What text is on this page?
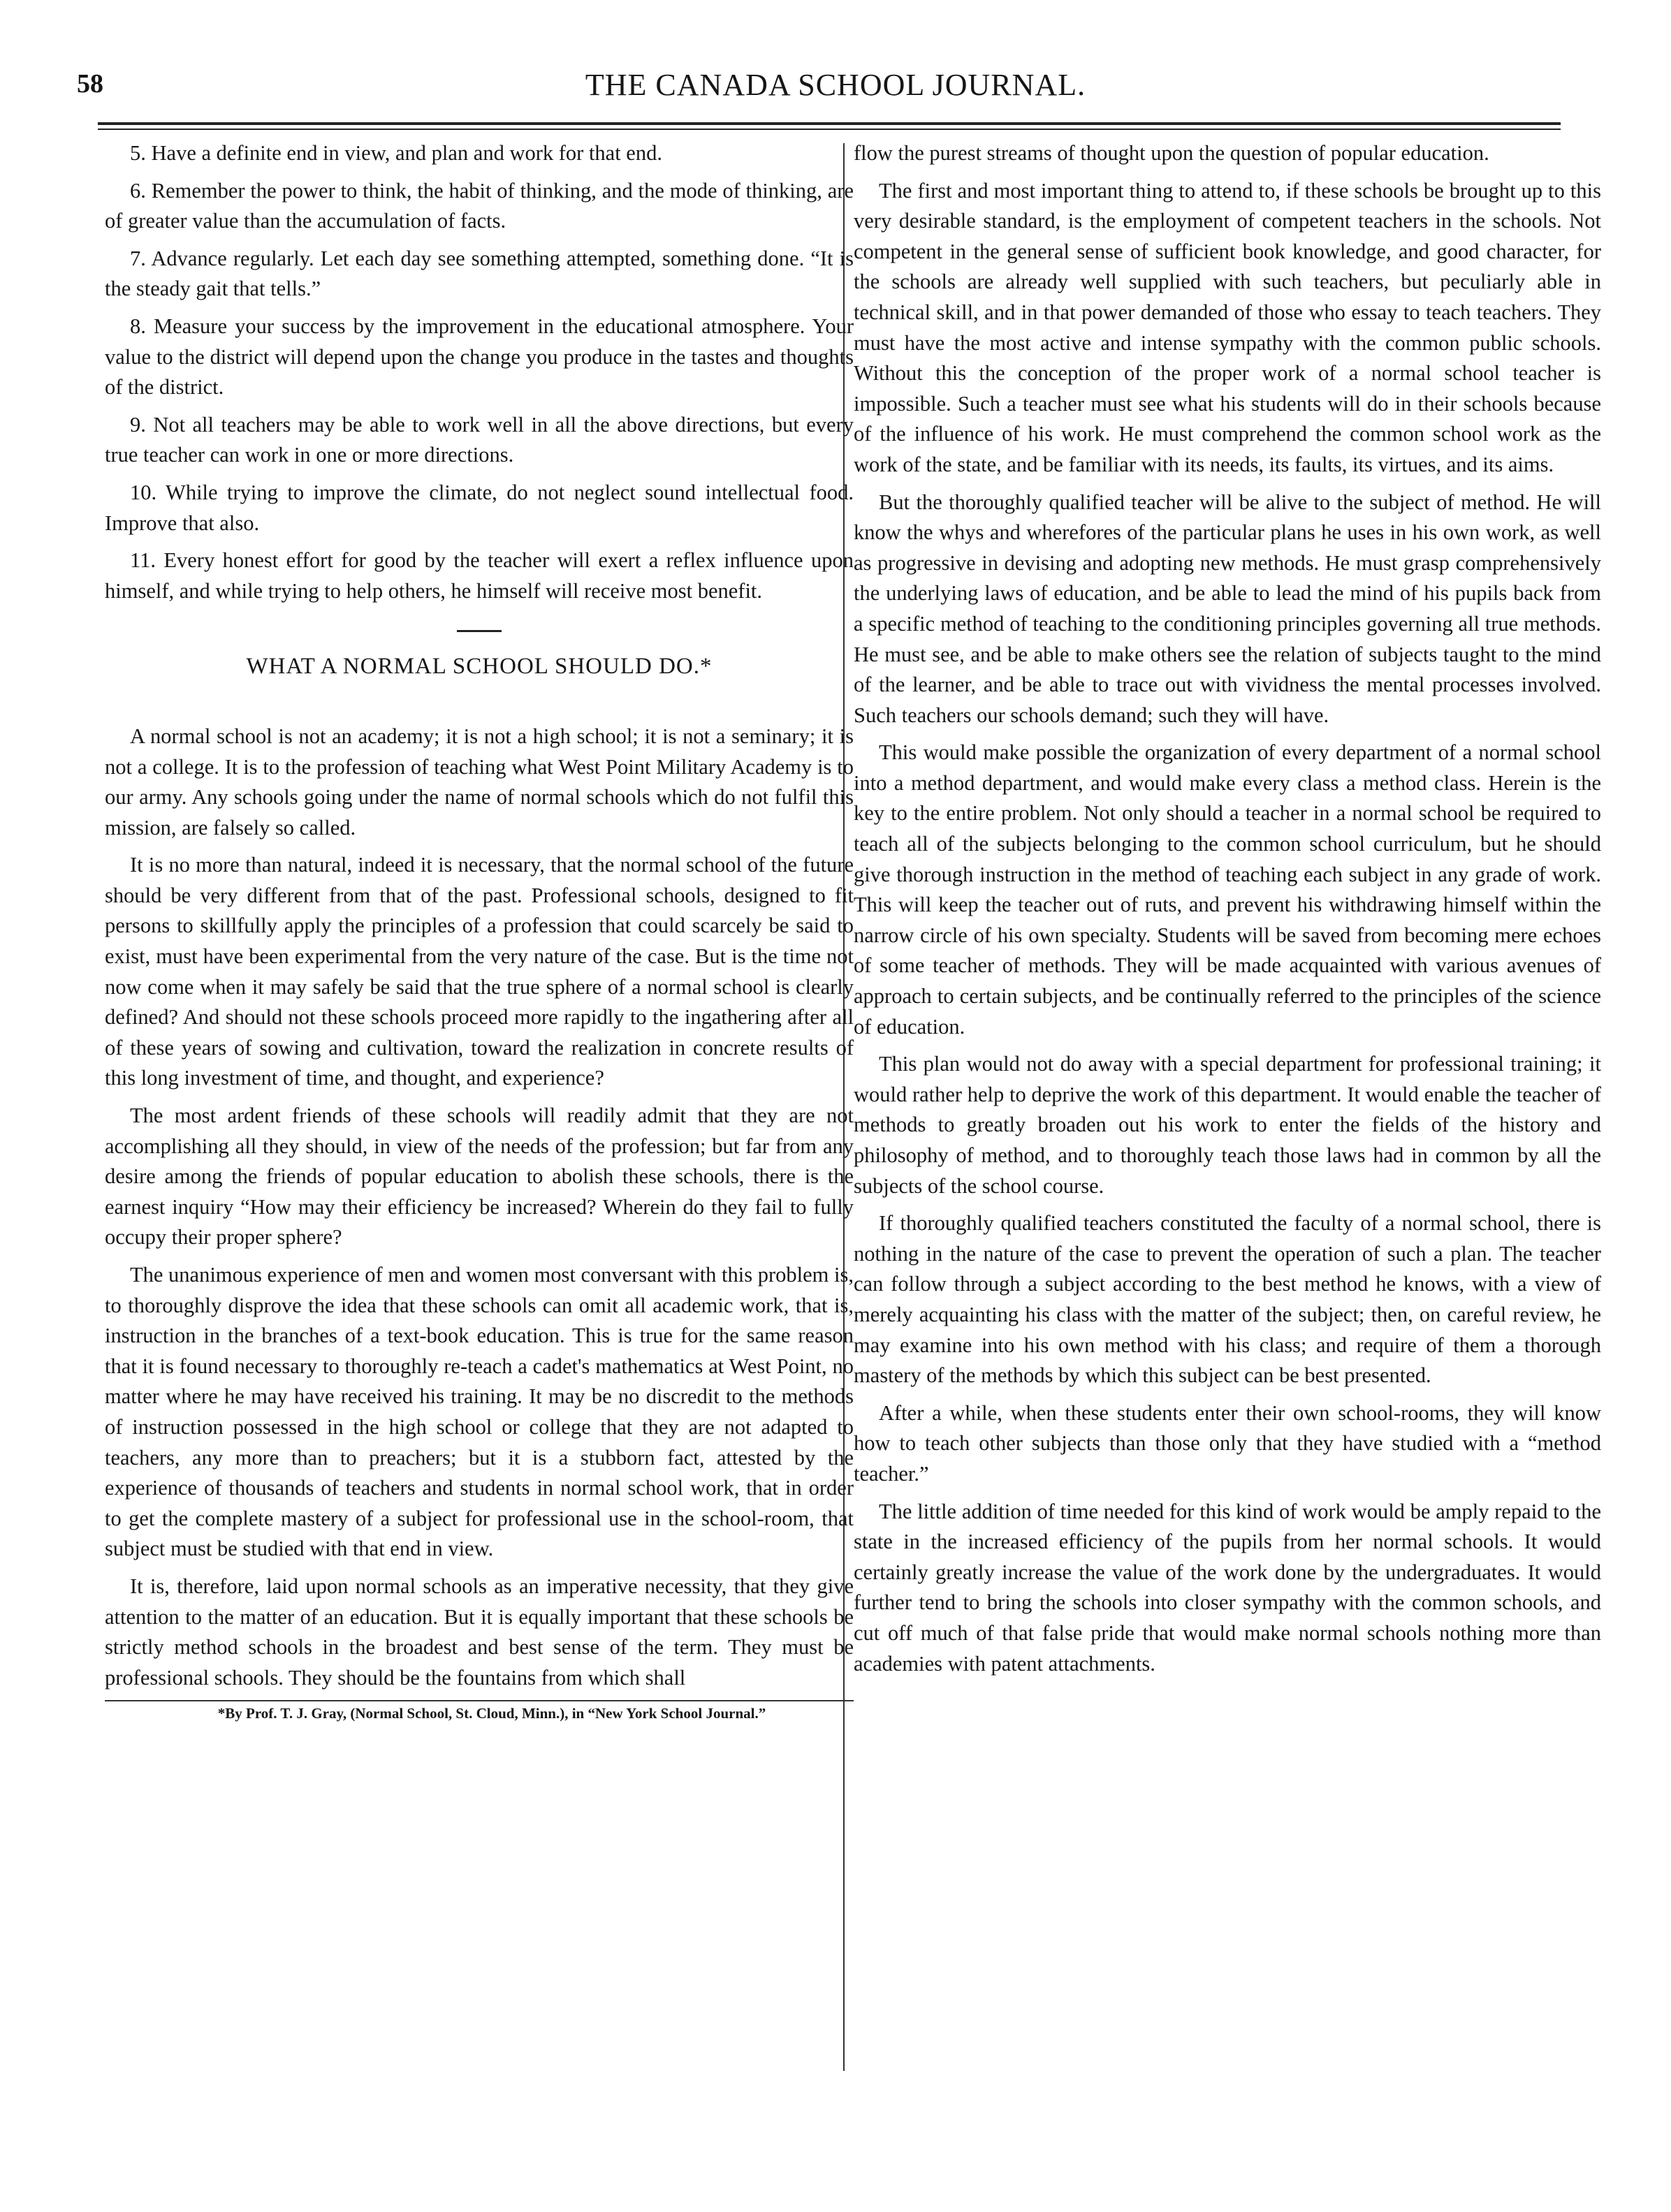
58	THE CANADA SCHOOL JOURNAL.

5. Have a definite end in view, and plan and work for that end.

6. Remember the power to think, the habit of thinking, and the mode of thinking, are of greater value than the accumulation of facts.

7. Advance regularly. Let each day see something attempted, something done. “It is the steady gait that tells.”

8. Measure your success by the improvement in the educational atmosphere. Your value to the district will depend upon the change you produce in the tastes and thoughts of the district.

9. Not all teachers may be able to work well in all the above directions, but every true teacher can work in one or more directions.

10. While trying to improve the climate, do not neglect sound intellectual food. Improve that also.

11. Every honest effort for good by the teacher will exert a reflex influence upon himself, and while trying to help others, he himself will receive most benefit.

WHAT A NORMAL SCHOOL SHOULD DO.*

A normal school is not an academy; it is not a high school; it is not a seminary; it is not a college. It is to the profession of teaching what West Point Military Academy is to our army. Any schools going under the name of normal schools which do not fulfil this mission, are falsely so called.

It is no more than natural, indeed it is necessary, that the normal school of the future should be very different from that of the past. Professional schools, designed to fit persons to skillfully apply the principles of a profession that could scarcely be said to exist, must have been experimental from the very nature of the case. But is the time not now come when it may safely be said that the true sphere of a normal school is clearly defined? And should not these schools proceed more rapidly to the ingathering after all of these years of sowing and cultivation, toward the realization in concrete results of this long investment of time, and thought, and experience?

The most ardent friends of these schools will readily admit that they are not accomplishing all they should, in view of the needs of the profession; but far from any desire among the friends of popular education to abolish these schools, there is the earnest inquiry “How may their efficiency be increased? Wherein do they fail to fully occupy their proper sphere?

The unanimous experience of men and women most conversant with this problem is, to thoroughly disprove the idea that these schools can omit all academic work, that is, instruction in the branches of a text-book education. This is true for the same reason that it is found necessary to thoroughly re-teach a cadet's mathematics at West Point, no matter where he may have received his training. It may be no discredit to the methods of instruction possessed in the high school or college that they are not adapted to teachers, any more than to preachers; but it is a stubborn fact, attested by the experience of thousands of teachers and students in normal school work, that in order to get the complete mastery of a subject for professional use in the school-room, that subject must be studied with that end in view.

It is, therefore, laid upon normal schools as an imperative necessity, that they give attention to the matter of an education. But it is equally important that these schools be strictly method schools in the broadest and best sense of the term. They must be professional schools. They should be the fountains from which shall

*By Prof. T. J. Gray, (Normal School, St. Cloud, Minn.), in “New York School Journal.”

flow the purest streams of thought upon the question of popular education.

The first and most important thing to attend to, if these schools be brought up to this very desirable standard, is the employment of competent teachers in the schools. Not competent in the general sense of sufficient book knowledge, and good character, for the schools are already well supplied with such teachers, but peculiarly able in technical skill, and in that power demanded of those who essay to teach teachers. They must have the most active and intense sympathy with the common public schools. Without this the conception of the proper work of a normal school teacher is impossible. Such a teacher must see what his students will do in their schools because of the influence of his work. He must comprehend the common school work as the work of the state, and be familiar with its needs, its faults, its virtues, and its aims.

But the thoroughly qualified teacher will be alive to the subject of method. He will know the whys and wherefores of the particular plans he uses in his own work, as well as progressive in devising and adopting new methods. He must grasp comprehensively the underlying laws of education, and be able to lead the mind of his pupils back from a specific method of teaching to the conditioning principles governing all true methods. He must see, and be able to make others see the relation of subjects taught to the mind of the learner, and be able to trace out with vividness the mental processes involved. Such teachers our schools demand; such they will have.

This would make possible the organization of every department of a normal school into a method department, and would make every class a method class. Herein is the key to the entire problem. Not only should a teacher in a normal school be required to teach all of the subjects belonging to the common school curriculum, but he should give thorough instruction in the method of teaching each subject in any grade of work. This will keep the teacher out of ruts, and prevent his withdrawing himself within the narrow circle of his own specialty. Students will be saved from becoming mere echoes of some teacher of methods. They will be made acquainted with various avenues of approach to certain subjects, and be continually referred to the principles of the science of education.

This plan would not do away with a special department for professional training; it would rather help to deprive the work of this department. It would enable the teacher of methods to greatly broaden out his work to enter the fields of the history and philosophy of method, and to thoroughly teach those laws had in common by all the subjects of the school course.

If thoroughly qualified teachers constituted the faculty of a normal school, there is nothing in the nature of the case to prevent the operation of such a plan. The teacher can follow through a subject according to the best method he knows, with a view of merely acquainting his class with the matter of the subject; then, on careful review, he may examine into his own method with his class; and require of them a thorough mastery of the methods by which this subject can be best presented.

After a while, when these students enter their own school-rooms, they will know how to teach other subjects than those only that they have studied with a “method teacher.”

The little addition of time needed for this kind of work would be amply repaid to the state in the increased efficiency of the pupils from her normal schools. It would certainly greatly increase the value of the work done by the undergraduates. It would further tend to bring the schools into closer sympathy with the common schools, and cut off much of that false pride that would make normal schools nothing more than academies with patent attachments.
